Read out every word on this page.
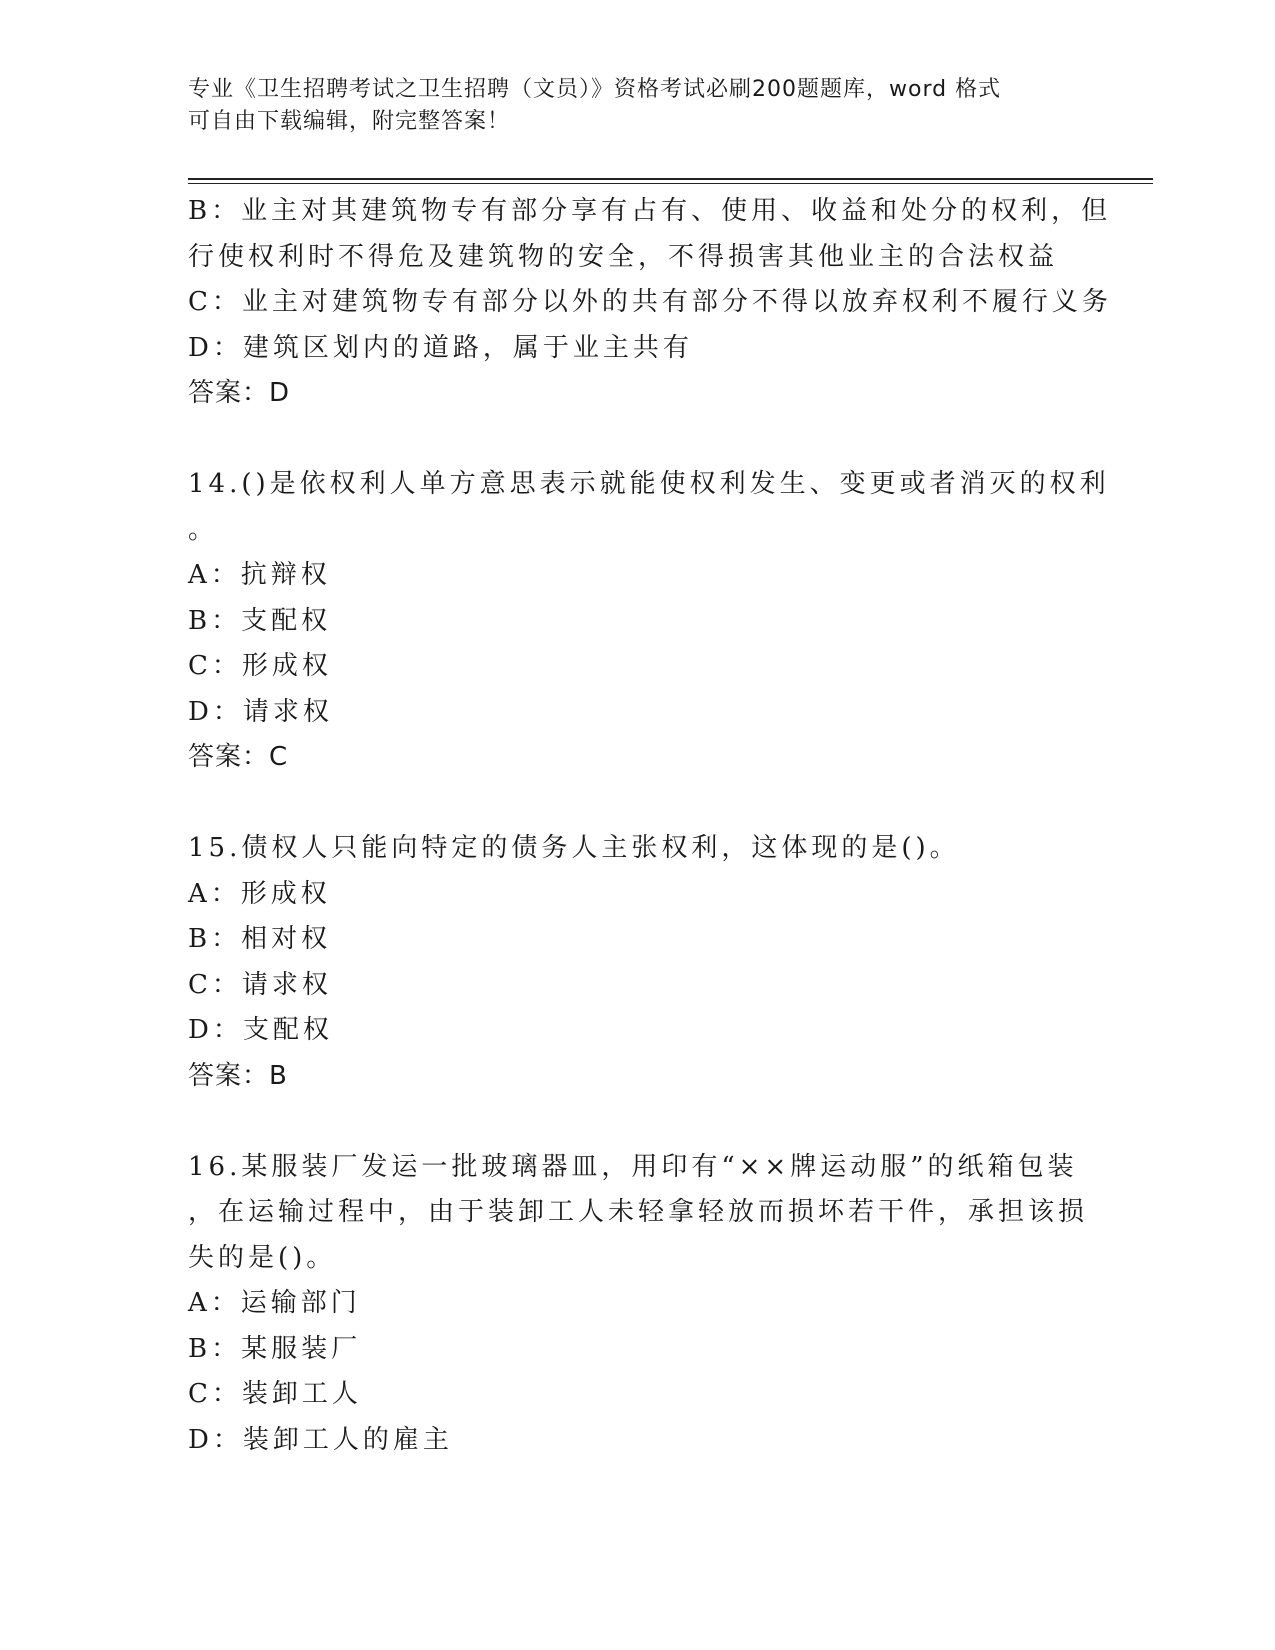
专业《卫生招聘考试之卫生招聘（文员）》资格考试必刷200题题库，word 格式
可自由下载编辑，附完整答案！
B：业主对其建筑物专有部分享有占有、使用、收益和处分的权利，但
行使权利时不得危及建筑物的安全，不得损害其他业主的合法权益
C：业主对建筑物专有部分以外的共有部分不得以放弃权利不履行义务
D：建筑区划内的道路，属于业主共有
答案：D
14.()是依权利人单方意思表示就能使权利发生、变更或者消灭的权利
。
A：抗辩权
B：支配权
C：形成权
D：请求权
答案：C
15.债权人只能向特定的债务人主张权利，这体现的是()。
A：形成权
B：相对权
C：请求权
D：支配权
答案：B
16.某服装厂发运一批玻璃器皿，用印有“××牌运动服”的纸箱包装
，在运输过程中，由于装卸工人未轻拿轻放而损坏若干件，承担该损
失的是()。
A：运输部门
B：某服装厂
C：装卸工人
D：装卸工人的雇主
